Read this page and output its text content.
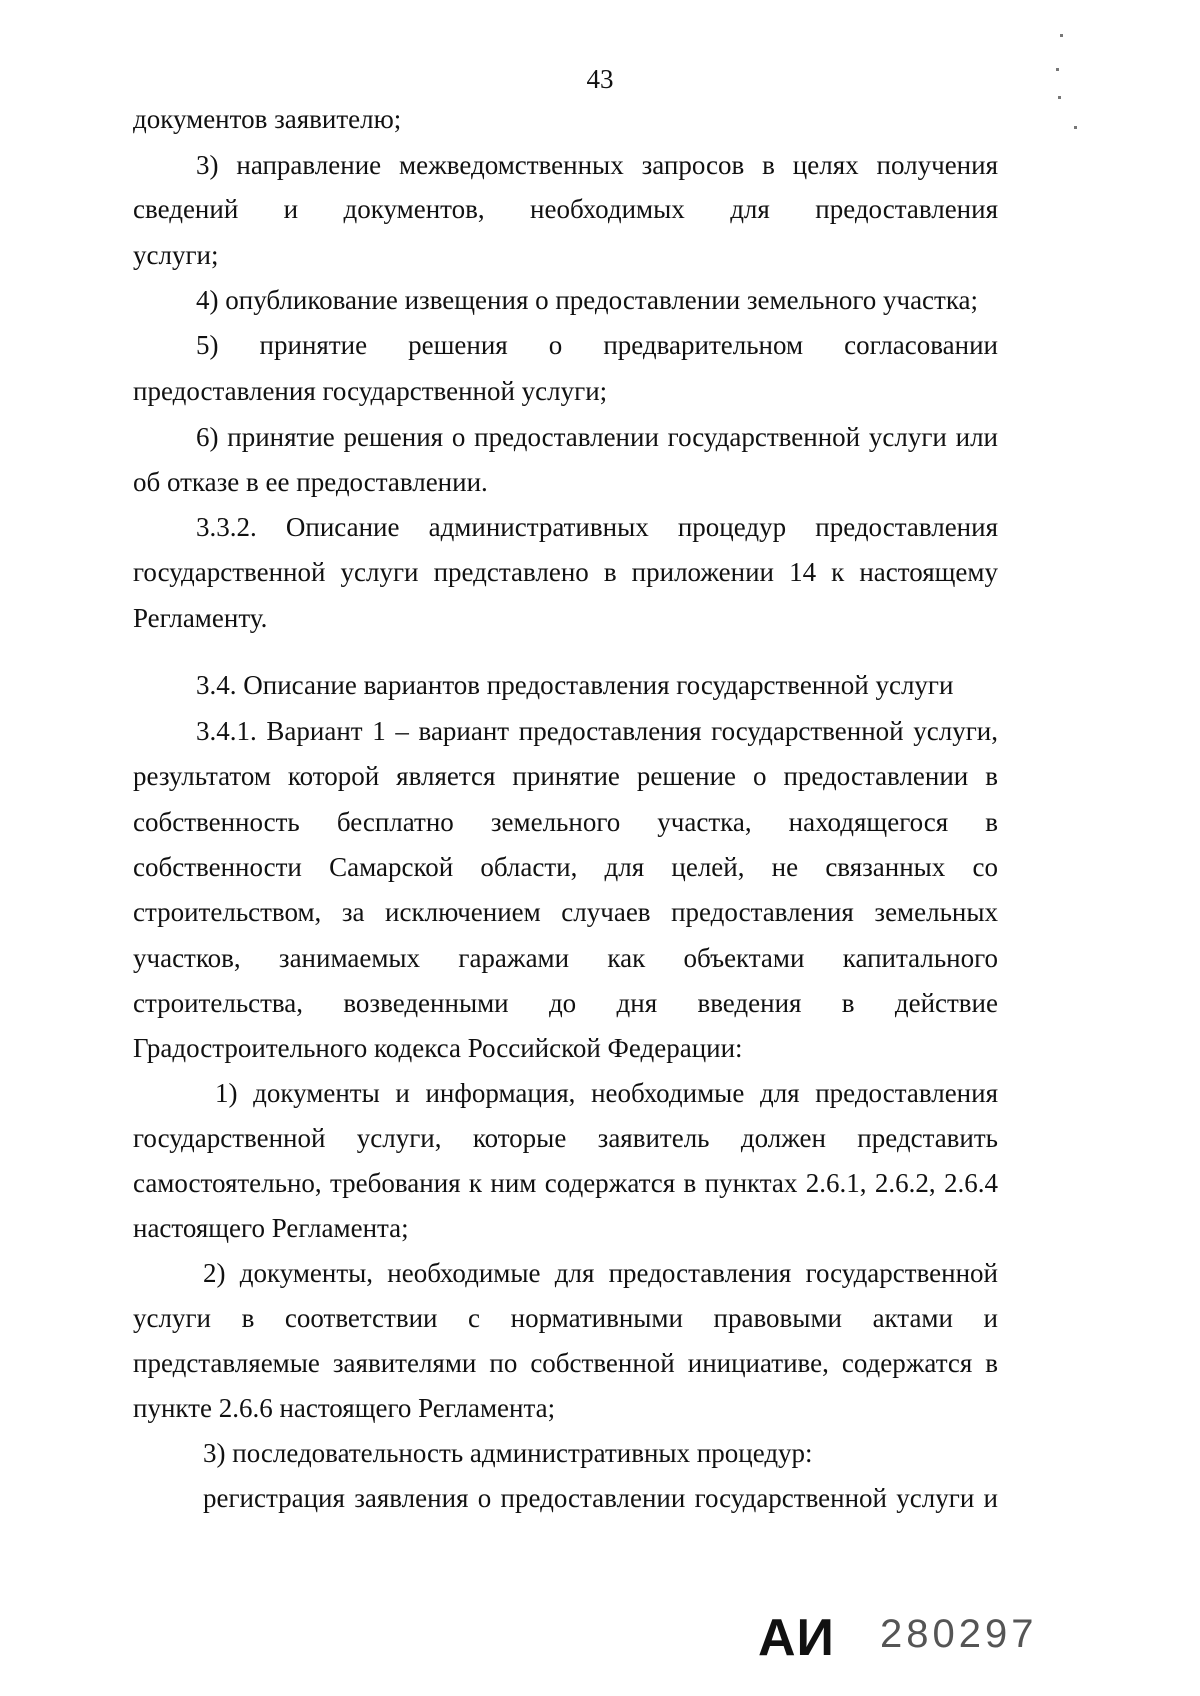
43
документов заявителю;
3) направление межведомственных запросов в целях получения
сведений и документов, необходимых для предоставления
услуги;
4) опубликование извещения о предоставлении земельного участка;
5) принятие решения о предварительном согласовании
предоставления государственной услуги;
6) принятие решения о предоставлении государственной услуги или
об отказе в ее предоставлении.
3.3.2. Описание административных процедур предоставления
государственной услуги представлено в приложении 14 к настоящему
Регламенту.
3.4. Описание вариантов предоставления государственной услуги
3.4.1. Вариант 1 – вариант предоставления государственной услуги,
результатом которой является принятие решение о предоставлении в
собственность бесплатно земельного участка, находящегося в
собственности Самарской области, для целей, не связанных со
строительством, за исключением случаев предоставления земельных
участков, занимаемых гаражами как объектами капитального
строительства, возведенными до дня введения в действие
Градостроительного кодекса Российской Федерации:
1) документы и информация, необходимые для предоставления
государственной услуги, которые заявитель должен представить
самостоятельно, требования к ним содержатся в пунктах 2.6.1, 2.6.2, 2.6.4
настоящего Регламента;
2) документы, необходимые для предоставления государственной
услуги в соответствии с нормативными правовыми актами и
представляемые заявителями по собственной инициативе, содержатся в
пункте 2.6.6 настоящего Регламента;
3) последовательность административных процедур:
регистрация заявления о предоставлении государственной услуги и
АИ 280297
